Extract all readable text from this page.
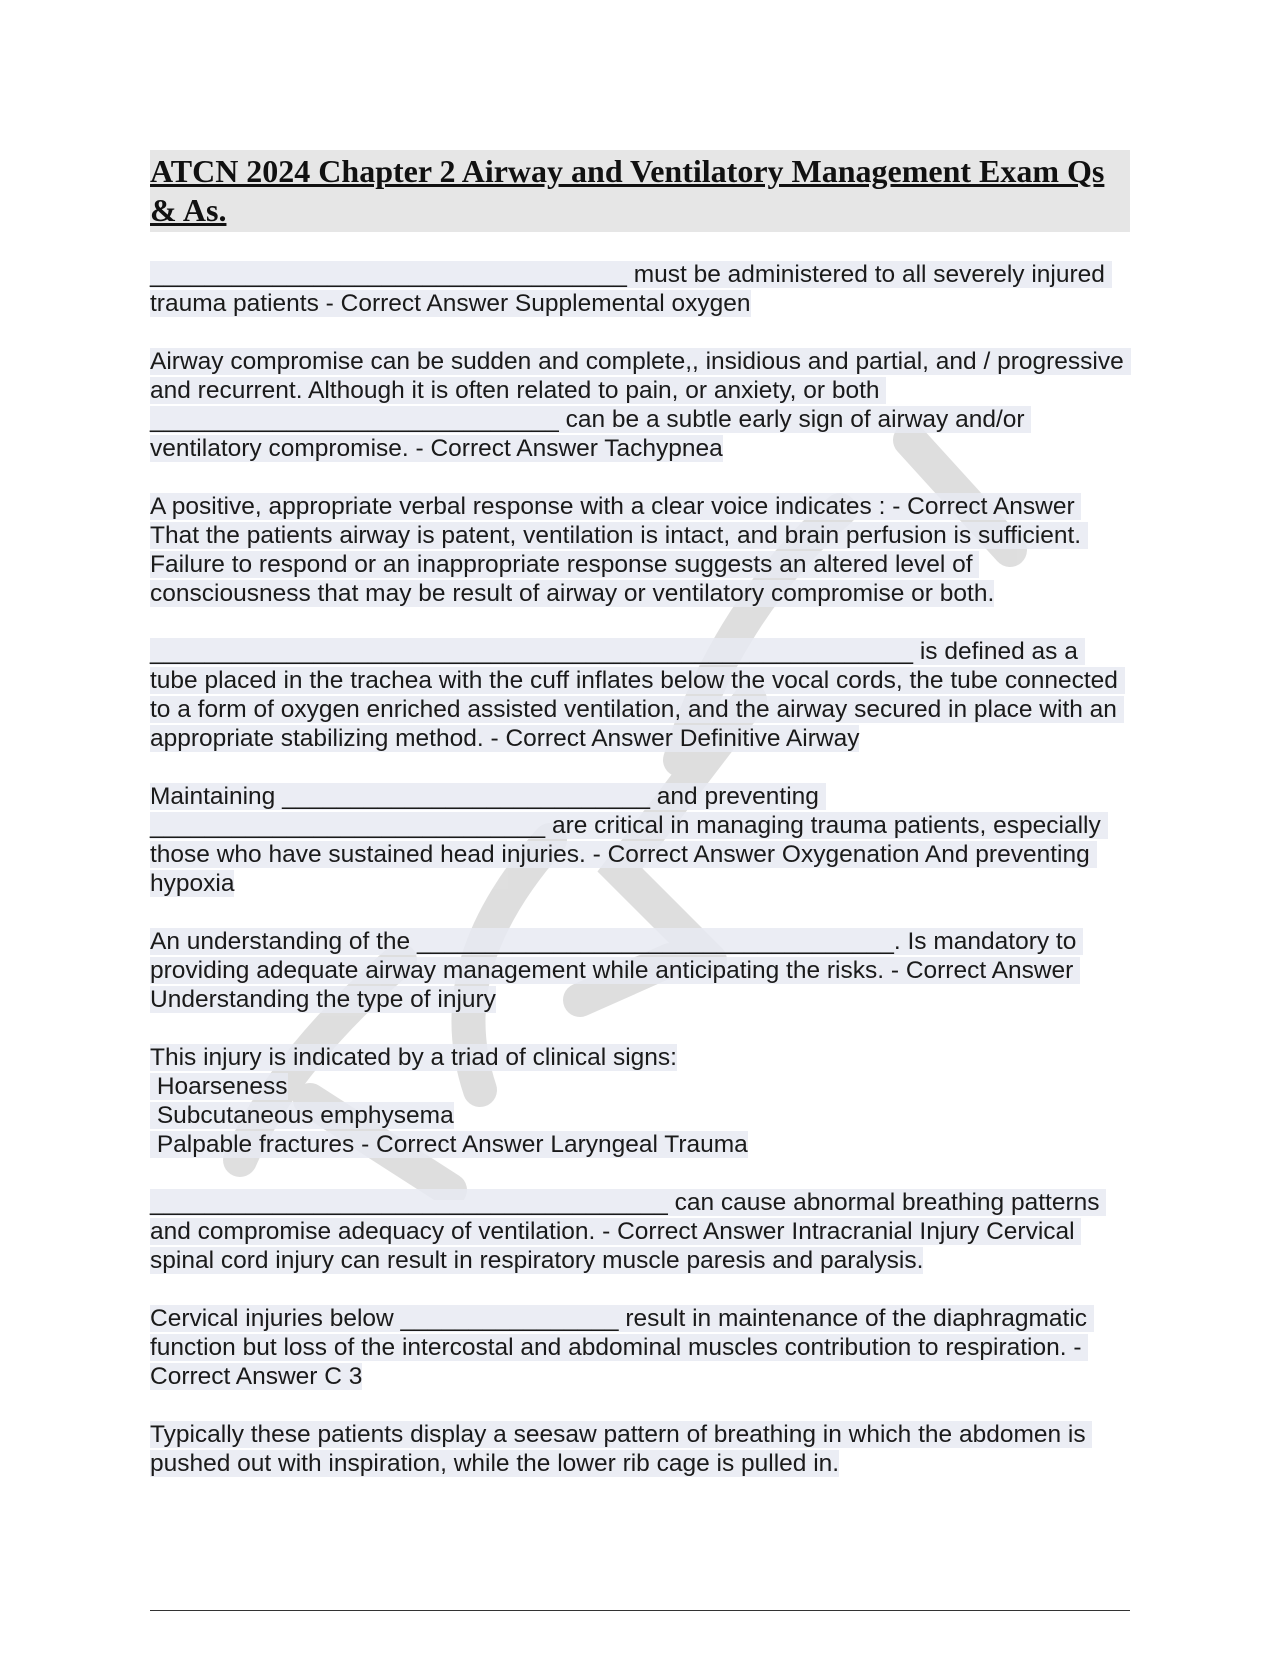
ATCN 2024 Chapter 2 Airway and Ventilatory Management Exam Qs & As.
___________________________________ must be administered to all severely injured trauma patients - Correct Answer Supplemental oxygen
Airway compromise can be sudden and complete,, insidious and partial, and / progressive and recurrent. Although it is often related to pain, or anxiety, or both ______________________________ can be a subtle early sign of airway and/or ventilatory compromise. - Correct Answer Tachypnea
A positive, appropriate verbal response with a clear voice indicates : - Correct Answer That the patients airway is patent, ventilation is intact, and brain perfusion is sufficient. Failure to respond or an inappropriate response suggests an altered level of consciousness that may be result of airway or ventilatory compromise or both.
________________________________________________________ is defined as a tube placed in the trachea with the cuff inflates below the vocal cords, the tube connected to a form of oxygen enriched assisted ventilation, and the airway secured in place with an appropriate stabilizing method. - Correct Answer Definitive Airway
Maintaining ___________________________ and preventing _____________________________ are critical in managing trauma patients, especially those who have sustained head injuries. - Correct Answer Oxygenation And preventing hypoxia
An understanding of the ___________________________________. Is mandatory to providing adequate airway management while anticipating the risks. - Correct Answer Understanding the type of injury
This injury is indicated by a triad of clinical signs:
Hoarseness
Subcutaneous emphysema
Palpable fractures - Correct Answer Laryngeal Trauma
______________________________________ can cause abnormal breathing patterns and compromise adequacy of ventilation. - Correct Answer Intracranial Injury Cervical spinal cord injury can result in respiratory muscle paresis and paralysis.
Cervical injuries below ________________ result in maintenance of the diaphragmatic function but loss of the intercostal and abdominal muscles contribution to respiration. - Correct Answer C 3
Typically these patients display a seesaw pattern of breathing in which the abdomen is pushed out with inspiration, while the lower rib cage is pulled in.
